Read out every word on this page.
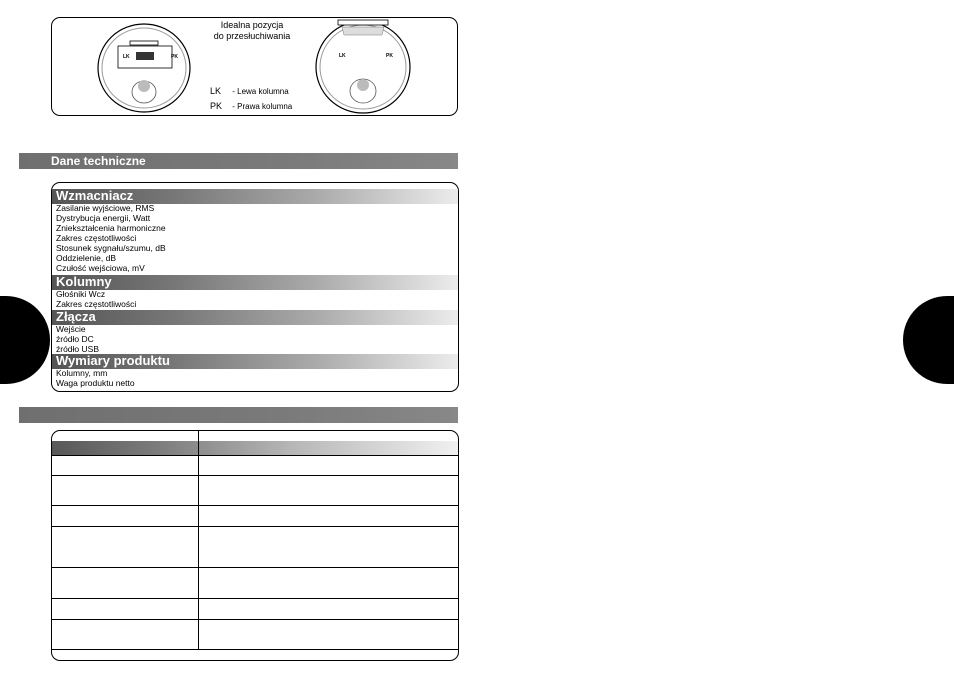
LK	PK
Idealna pozycja
do przesłuchiwania
LK - Lewa kolumna
PK - Prawa kolumna
LK	PK
Dane techniczne
Wzmacniacz
Zasilanie wyjściowe, RMS
Dystrybucja energii, Watt
Zniekształcenia harmoniczne
Zakres częstotliwości
Stosunek sygnału/szumu, dB
Oddzielenie, dB
Czułość wejściowa, mV
Kolumny
Głośniki Wcz
Zakres częstotliwości
Złącza
Wejście
źródło DC
źródło USB
Wymiary produktu
Kolumny, mm
Waga produktu netto
